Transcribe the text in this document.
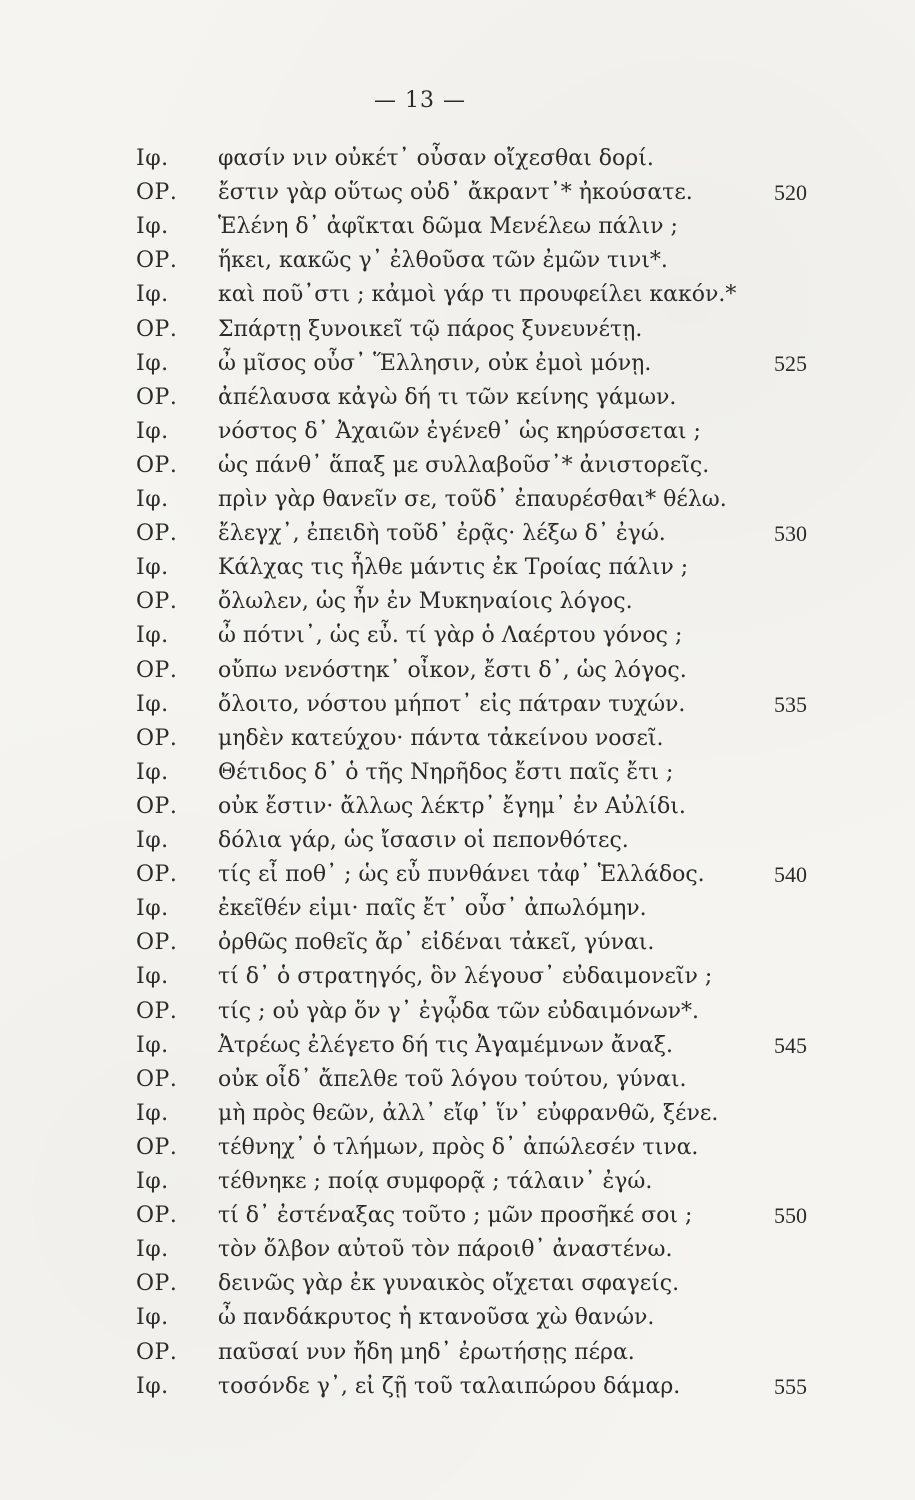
— 13 —
Ιφ.	φασίν νιν οὐκέτ᾽ οὖσαν οἴχεσθαι δορί.
ΟΡ.	ἔστιν γὰρ οὕτως οὐδ᾽ ἄκραντ᾽* ἠκούσατε.	520
Ιφ.	Ἑλένη δ᾽ ἀφῖκται δῶμα Μενέλεω πάλιν ;
ΟΡ.	ἥκει, κακῶς γ᾽ ἐλθοῦσα τῶν ἐμῶν τινι*.
Ιφ.	καὶ ποῦ᾽στι ; κἀμοὶ γάρ τι προυφείλει κακόν.*
ΟΡ.	Σπάρτῃ ξυνοικεῖ τῷ πάρος ξυνευνέτῃ.
Ιφ.	ὦ μῖσος οὖσ᾽ Ἕλλησιν, οὐκ ἐμοὶ μόνῃ.	525
ΟΡ.	ἀπέλαυσα κἀγὼ δή τι τῶν κείνης γάμων.
Ιφ.	νόστος δ᾽ Ἀχαιῶν ἐγένεθ᾽ ὡς κηρύσσεται ;
ΟΡ.	ὡς πάνθ᾽ ἅπαξ με συλλαβοῦσ᾽* ἀνιστορεῖς.
Ιφ.	πρὶν γὰρ θανεῖν σε, τοῦδ᾽ ἐπαυρέσθαι* θέλω.
ΟΡ.	ἔλεγχ᾽, ἐπειδὴ τοῦδ᾽ ἐρᾷς· λέξω δ᾽ ἐγώ.	530
Ιφ.	Κάλχας τις ἦλθε μάντις ἐκ Τροίας πάλιν ;
ΟΡ.	ὄλωλεν, ὡς ἦν ἐν Μυκηναίοις λόγος.
Ιφ.	ὦ πότνι᾽, ὡς εὖ. τί γὰρ ὁ Λαέρτου γόνος ;
ΟΡ.	οὔπω νενόστηκ᾽ οἶκον, ἔστι δ᾽, ὡς λόγος.
Ιφ.	ὄλοιτο, νόστου μήποτ᾽ εἰς πάτραν τυχών.	535
ΟΡ.	μηδὲν κατεύχου· πάντα τἀκείνου νοσεῖ.
Ιφ.	Θέτιδος δ᾽ ὁ τῆς Νηρῆδος ἔστι παῖς ἔτι ;
ΟΡ.	οὐκ ἔστιν· ἄλλως λέκτρ᾽ ἔγημ᾽ ἐν Αὐλίδι.
Ιφ.	δόλια γάρ, ὡς ἴσασιν οἱ πεπονθότες.
ΟΡ.	τίς εἶ ποθ᾽ ; ὡς εὖ πυνθάνει τἀφ᾽ Ἑλλάδος.	540
Ιφ.	ἐκεῖθέν εἰμι· παῖς ἔτ᾽ οὖσ᾽ ἀπωλόμην.
ΟΡ.	ὀρθῶς ποθεῖς ἄρ᾽ εἰδέναι τἀκεῖ, γύναι.
Ιφ.	τί δ᾽ ὁ στρατηγός, ὃν λέγουσ᾽ εὐδαιμονεῖν ;
ΟΡ.	τίς ; οὐ γὰρ ὅν γ᾽ ἐγᾦδα τῶν εὐδαιμόνων*.
Ιφ.	Ἀτρέως ἐλέγετο δή τις Ἀγαμέμνων ἄναξ.	545
ΟΡ.	οὐκ οἶδ᾽ ἄπελθε τοῦ λόγου τούτου, γύναι.
Ιφ.	μὴ πρὸς θεῶν, ἀλλ᾽ εἴφ᾽ ἵν᾽ εὐφρανθῶ, ξένε.
ΟΡ.	τέθνηχ᾽ ὁ τλήμων, πρὸς δ᾽ ἀπώλεσέν τινα.
Ιφ.	τέθνηκε ; ποίᾳ συμφορᾷ ; τάλαιν᾽ ἐγώ.
ΟΡ.	τί δ᾽ ἐστέναξας τοῦτο ; μῶν προσῆκέ σοι ;	550
Ιφ.	τὸν ὄλβον αὐτοῦ τὸν πάροιθ᾽ ἀναστένω.
ΟΡ.	δεινῶς γὰρ ἐκ γυναικὸς οἴχεται σφαγείς.
Ιφ.	ὦ πανδάκρυτος ἡ κτανοῦσα χὼ θανών.
ΟΡ.	παῦσαί νυν ἤδη μηδ᾽ ἐρωτήσῃς πέρα.
Ιφ.	τοσόνδε γ᾽, εἰ ζῇ τοῦ ταλαιπώρου δάμαρ.	555
